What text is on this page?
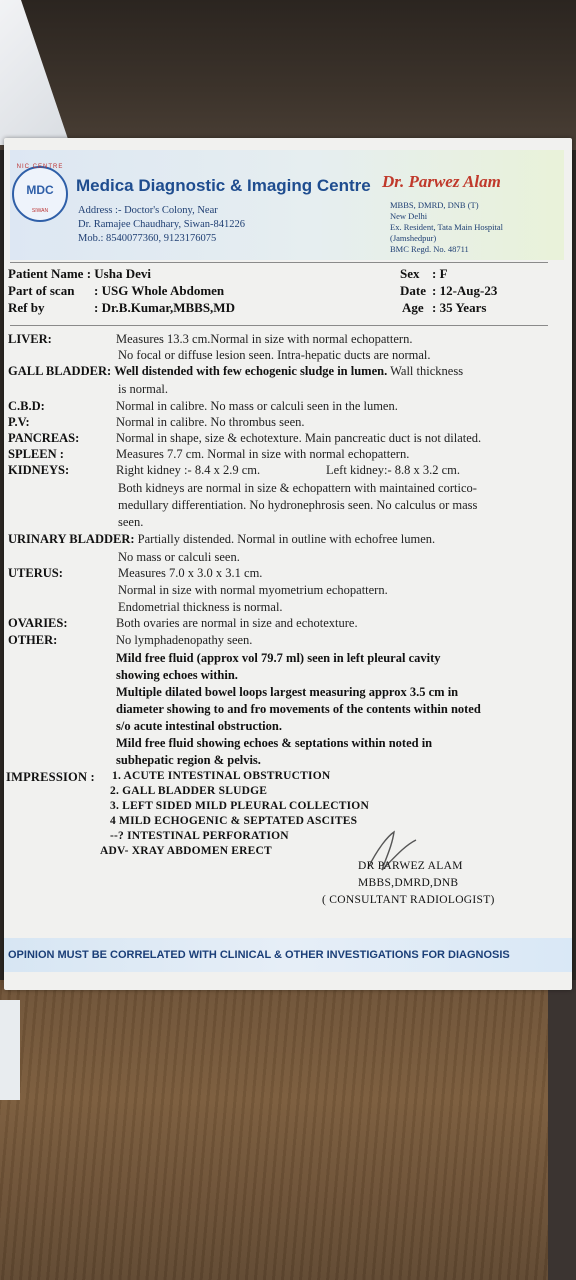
NIC CENTRE
MDC
SIWAN
Medica Diagnostic & Imaging Centre
Address :- Doctor's Colony, Near
Dr. Ramajee Chaudhary, Siwan-841226
Mob.: 8540077360, 9123176075
Dr. Parwez Alam
MBBS, DMRD, DNB (T)
New Delhi
Ex. Resident, Tata Main Hospital
(Jamshedpur)
BMC Regd. No. 48711
Patient Name : Usha Devi
Part of scan : USG Whole Abdomen
Ref by	: Dr.B.Kumar,MBBS,MD
Sex : F
Date : 12-Aug-23
Age : 35 Years
LIVER:	Measures 13.3 cm.Normal in size with normal echopattern.
No focal or diffuse lesion seen. Intra-hepatic ducts are normal.
GALL BLADDER: Well distended with few echogenic sludge in lumen. Wall thickness
is normal.
C.B.D:	Normal in calibre. No mass or calculi seen in the lumen.
P.V:	Normal in calibre. No thrombus seen.
PANCREAS:	Normal in shape, size & echotexture. Main pancreatic duct is not dilated.
SPLEEN :	Measures 7.7 cm. Normal in size with normal echopattern.
KIDNEYS:	Right kidney :- 8.4 x 2.9 cm.	Left kidney:- 8.8 x 3.2 cm.
Both kidneys are normal in size & echopattern with maintained cortico-
medullary differentiation. No hydronephrosis seen. No calculus or mass
seen.
URINARY BLADDER: Partially distended. Normal in outline with echofree lumen.
No mass or calculi seen.
UTERUS:	Measures 7.0 x 3.0 x 3.1 cm.
Normal in size with normal myometrium echopattern.
Endometrial thickness is normal.
OVARIES:	Both ovaries are normal in size and echotexture.
OTHER:	No lymphadenopathy seen.
Mild free fluid (approx vol 79.7 ml) seen in left pleural cavity
showing echoes within.
Multiple dilated bowel loops largest measuring approx 3.5 cm in
diameter showing to and fro movements of the contents within noted
s/o acute intestinal obstruction.
Mild free fluid showing echoes & septations within noted in
subhepatic region & pelvis.
IMPRESSION : 1. ACUTE INTESTINAL OBSTRUCTION
2. GALL BLADDER SLUDGE
3. LEFT SIDED MILD PLEURAL COLLECTION
4 MILD ECHOGENIC & SEPTATED ASCITES
--? INTESTINAL PERFORATION
ADV- XRAY ABDOMEN ERECT
DR PARWEZ ALAM
MBBS,DMRD,DNB
( CONSULTANT RADIOLOGIST)
OPINION MUST BE CORRELATED WITH CLINICAL & OTHER INVESTIGATIONS FOR DIAGNOSIS
